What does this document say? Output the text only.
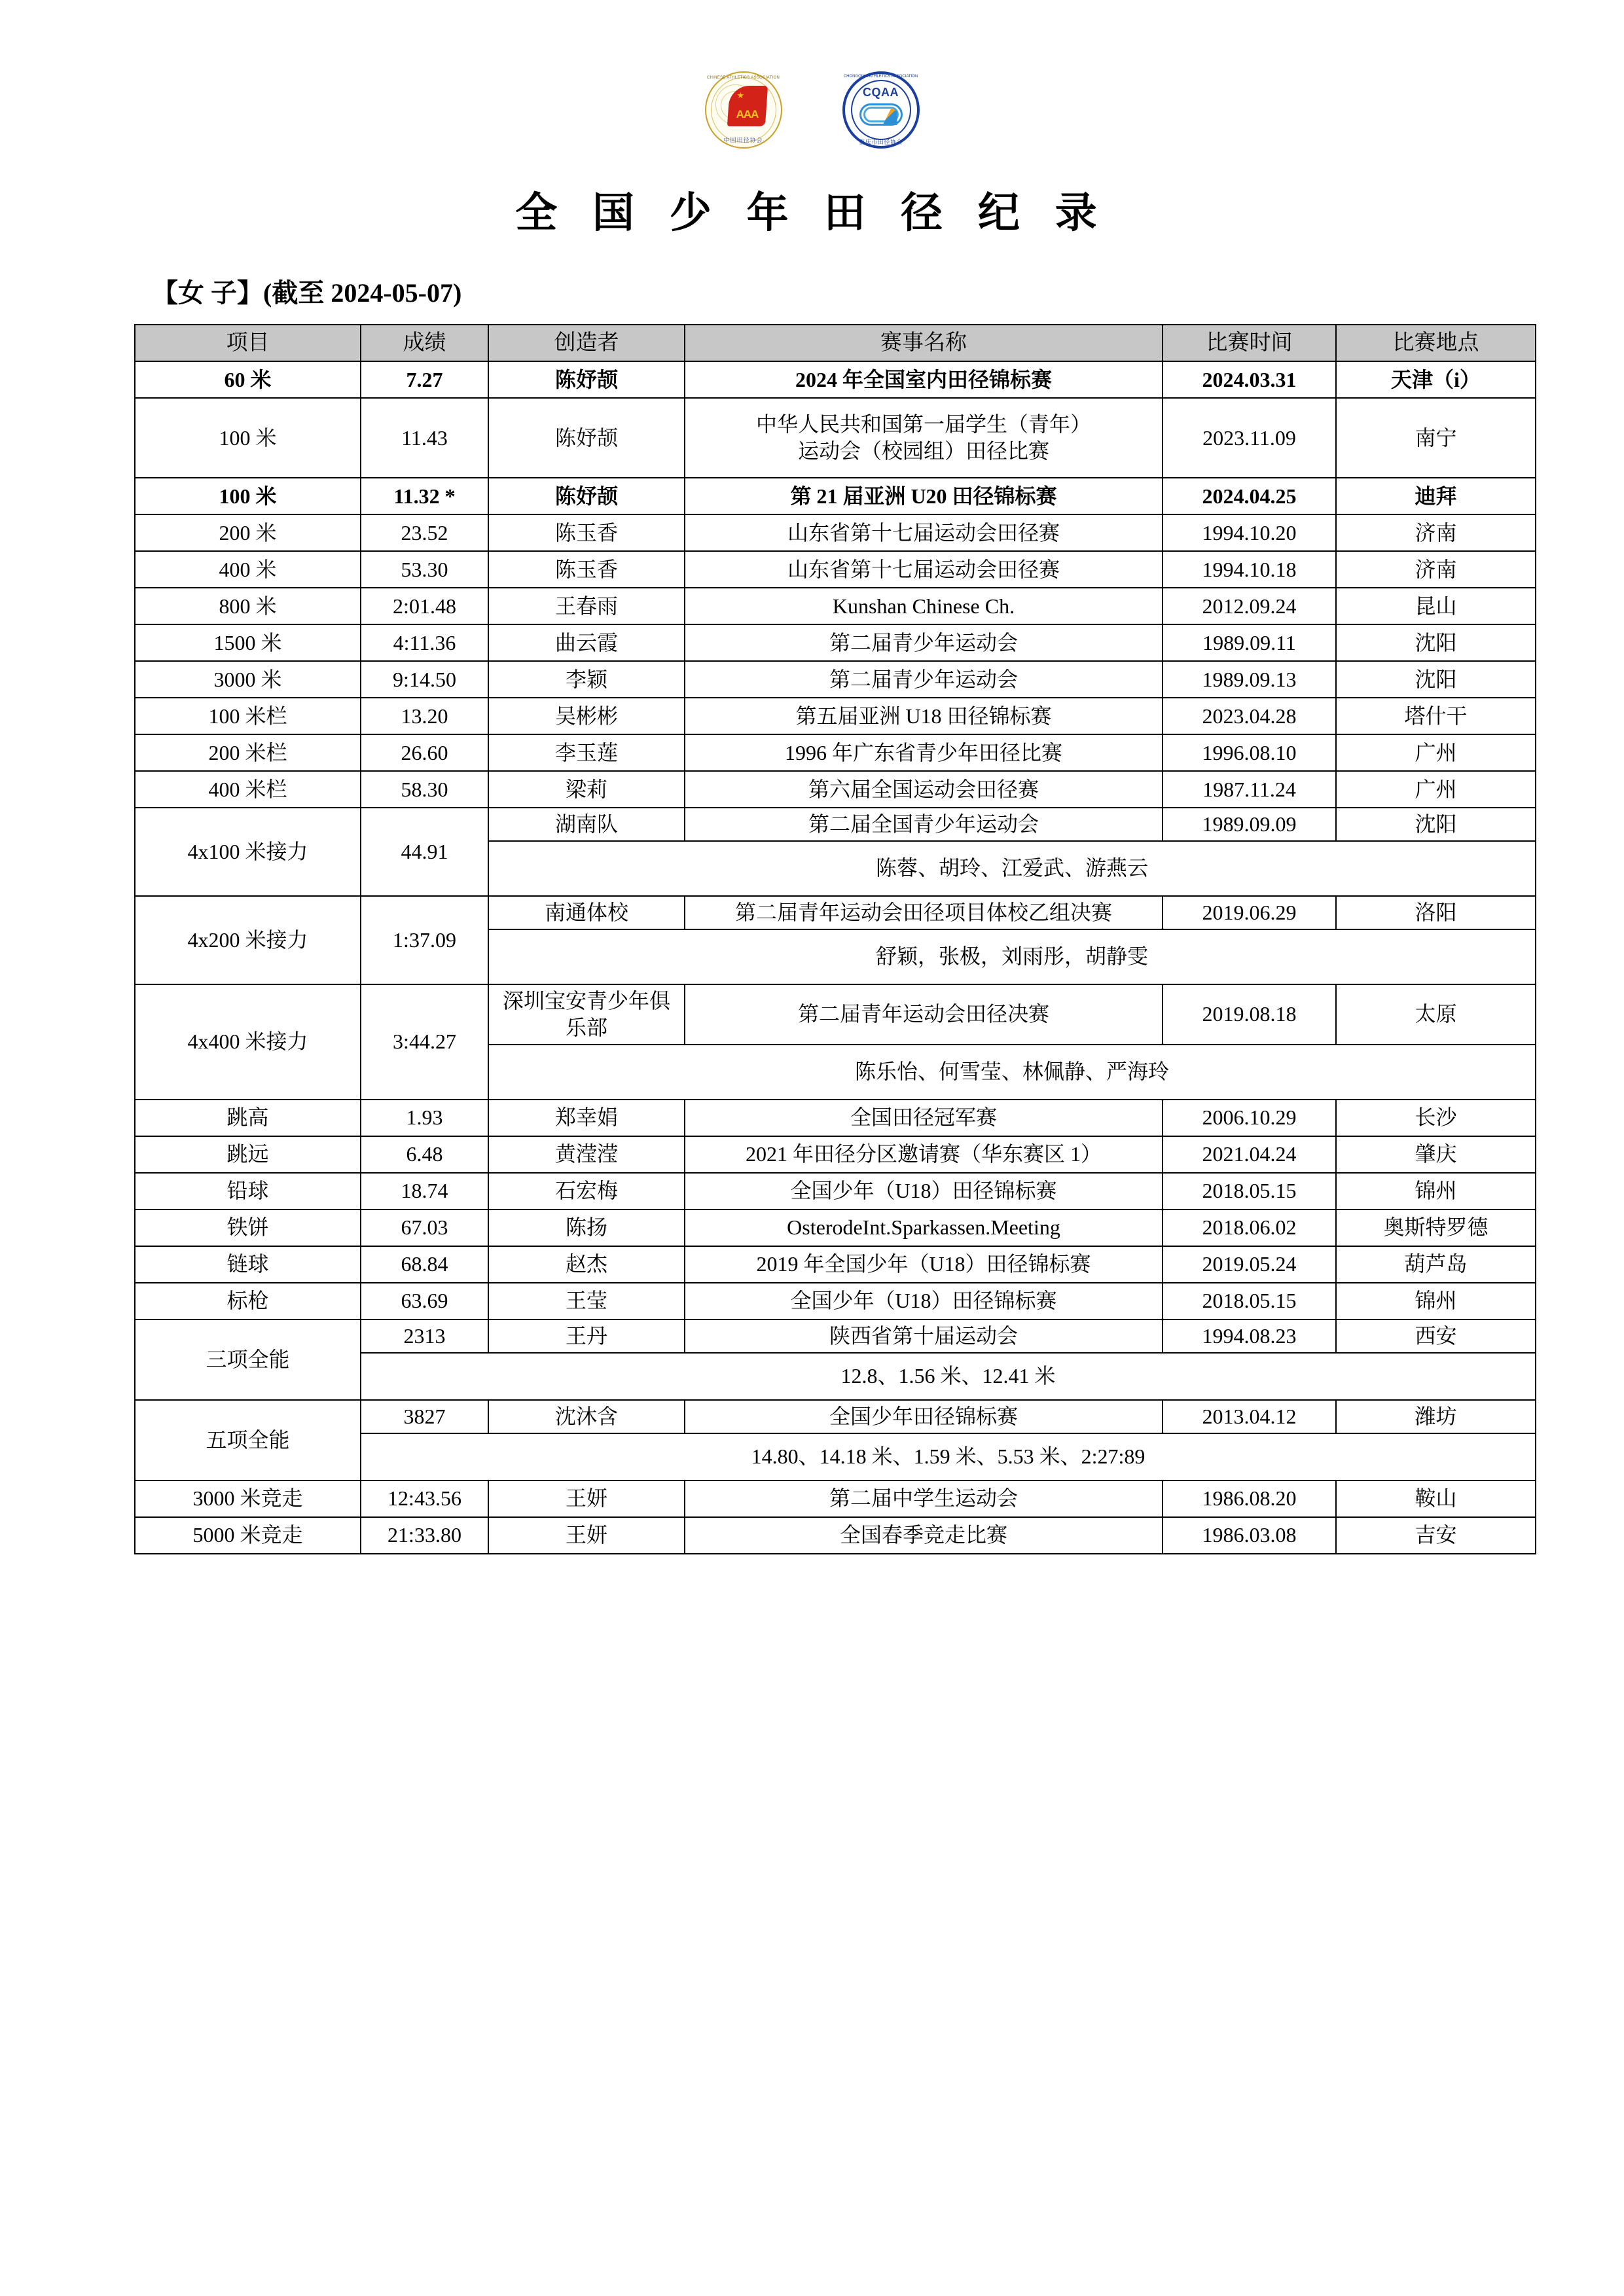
★
AAA
CHINESE ATHLETICS ASSOCIATION
中国田径协会
CQAA
CHONGQING ATHLETICS ASSOCIATION
重庆市田径协会
全 国 少 年 田 径 纪 录
【女 子】(截至 2024-05-07)
项目	成绩	创造者	赛事名称	比赛时间	比赛地点
60 米	7.27	陈妤颉	2024 年全国室内田径锦标赛	2024.03.31	天津（i）
100 米	11.43	陈妤颉	中华人民共和国第一届学生（青年）
运动会（校园组）田径比赛	2023.11.09	南宁
100 米	11.32 *	陈妤颉	第 21 届亚洲 U20 田径锦标赛	2024.04.25	迪拜
200 米	23.52	陈玉香	山东省第十七届运动会田径赛	1994.10.20	济南
400 米	53.30	陈玉香	山东省第十七届运动会田径赛	1994.10.18	济南
800 米	2:01.48	王春雨	Kunshan Chinese Ch.	2012.09.24	昆山
1500 米	4:11.36	曲云霞	第二届青少年运动会	1989.09.11	沈阳
3000 米	9:14.50	李颖	第二届青少年运动会	1989.09.13	沈阳
100 米栏	13.20	吴彬彬	第五届亚洲 U18 田径锦标赛	2023.04.28	塔什干
200 米栏	26.60	李玉莲	1996 年广东省青少年田径比赛	1996.08.10	广州
400 米栏	58.30	梁莉	第六届全国运动会田径赛	1987.11.24	广州
4x100 米接力	44.91	湖南队	第二届全国青少年运动会	1989.09.09	沈阳
		陈蓉、胡玲、江爱武、游燕云			
4x200 米接力	1:37.09	南通体校	第二届青年运动会田径项目体校乙组决赛	2019.06.29	洛阳
		舒颖，张极，刘雨彤，胡静雯			
4x400 米接力	3:44.27	深圳宝安青少年俱乐部	第二届青年运动会田径决赛	2019.08.18	太原
		陈乐怡、何雪莹、林佩静、严海玲			
跳高	1.93	郑幸娟	全国田径冠军赛	2006.10.29	长沙
跳远	6.48	黄滢滢	2021 年田径分区邀请赛（华东赛区 1）	2021.04.24	肇庆
铅球	18.74	石宏梅	全国少年（U18）田径锦标赛	2018.05.15	锦州
铁饼	67.03	陈扬	OsterodeInt.Sparkassen.Meeting	2018.06.02	奥斯特罗德
链球	68.84	赵杰	2019 年全国少年（U18）田径锦标赛	2019.05.24	葫芦岛
标枪	63.69	王莹	全国少年（U18）田径锦标赛	2018.05.15	锦州
三项全能	2313	王丹	陕西省第十届运动会	1994.08.23	西安
	12.8、1.56 米、12.41 米				
五项全能	3827	沈沐含	全国少年田径锦标赛	2013.04.12	潍坊
	14.80、14.18 米、1.59 米、5.53 米、2:27:89				
3000 米竞走	12:43.56	王妍	第二届中学生运动会	1986.08.20	鞍山
5000 米竞走	21:33.80	王妍	全国春季竞走比赛	1986.03.08	吉安
